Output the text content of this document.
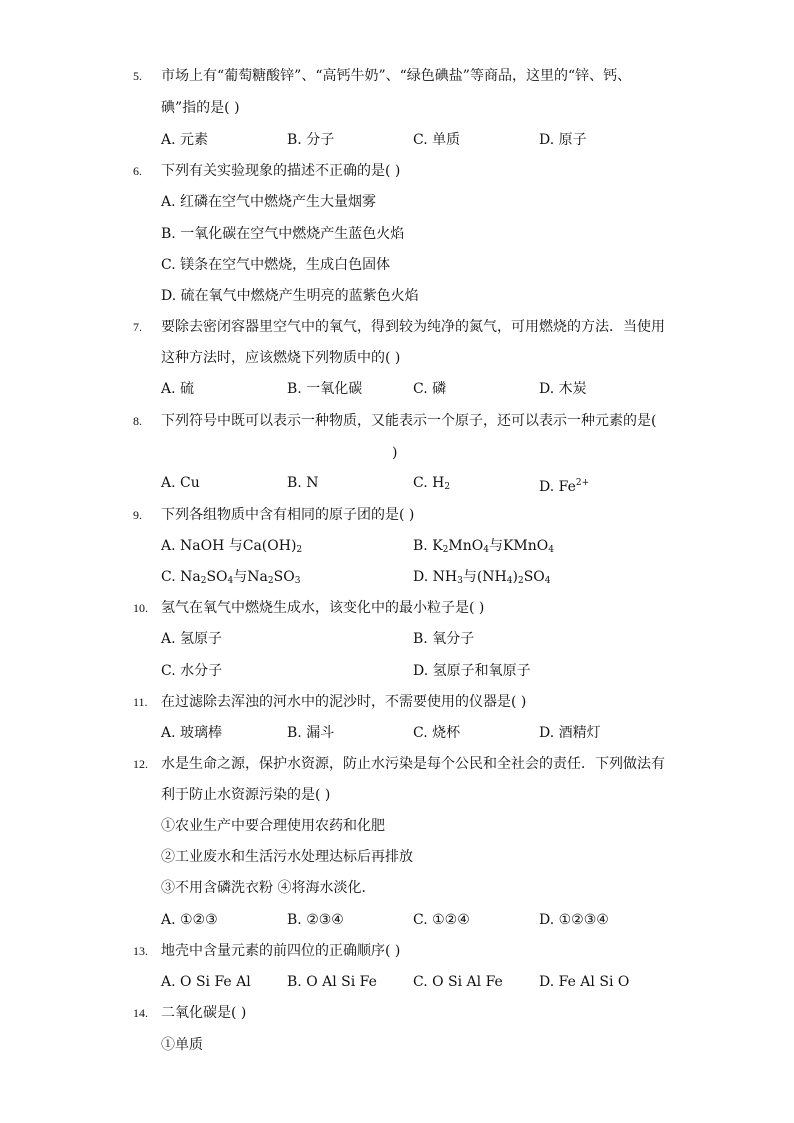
5. 市场上有“葡萄糖酸锌”、“高钙牛奶”、“绿色碘盐”等商品，这里的“锌、钙、
碘”指的是( )
A. 元素	B. 分子	C. 单质	D. 原子
6. 下列有关实验现象的描述不正确的是( )
A. 红磷在空气中燃烧产生大量烟雾
B. 一氧化碳在空气中燃烧产生蓝色火焰
C. 镁条在空气中燃烧，生成白色固体
D. 硫在氧气中燃烧产生明亮的蓝紫色火焰
7. 要除去密闭容器里空气中的氧气，得到较为纯净的氮气，可用燃烧的方法．当使用
这种方法时，应该燃烧下列物质中的( )
A. 硫	B. 一氧化碳	C. 磷	D. 木炭
8. 下列符号中既可以表示一种物质，又能表示一个原子，还可以表示一种元素的是(
)
A. Cu	B. N	C. $H_2$	D. $Fe^{2+}$
9. 下列各组物质中含有相同的原子团的是( )
A. NaOH 与$Ca(OH)_2$	B. $K_2MnO_4$与KMnO$_4$
C. $Na_2SO_4$与$Na_2SO_3$	D. $NH_3$与$(NH_4)_2SO_4$
10. 氢气在氧气中燃烧生成水，该变化中的最小粒子是( )
A. 氢原子	B. 氧分子
C. 水分子	D. 氢原子和氧原子
11. 在过滤除去浑浊的河水中的泥沙时，不需要使用的仪器是( )
A. 玻璃棒	B. 漏斗	C. 烧杯	D. 酒精灯
12. 水是生命之源，保护水资源，防止水污染是每个公民和全社会的责任．下列做法有
利于防止水资源污染的是( )
①农业生产中要合理使用农药和化肥
②工业废水和生活污水处理达标后再排放
③不用含磷洗衣粉 ④将海水淡化．
A. ①②③	B. ②③④	C. ①②④	D. ①②③④
13. 地壳中含量元素的前四位的正确顺序( )
A. O Si Fe Al	B. O Al Si Fe	C. O Si Al Fe	D. Fe Al Si O
14. 二氧化碳是( )
①单质
